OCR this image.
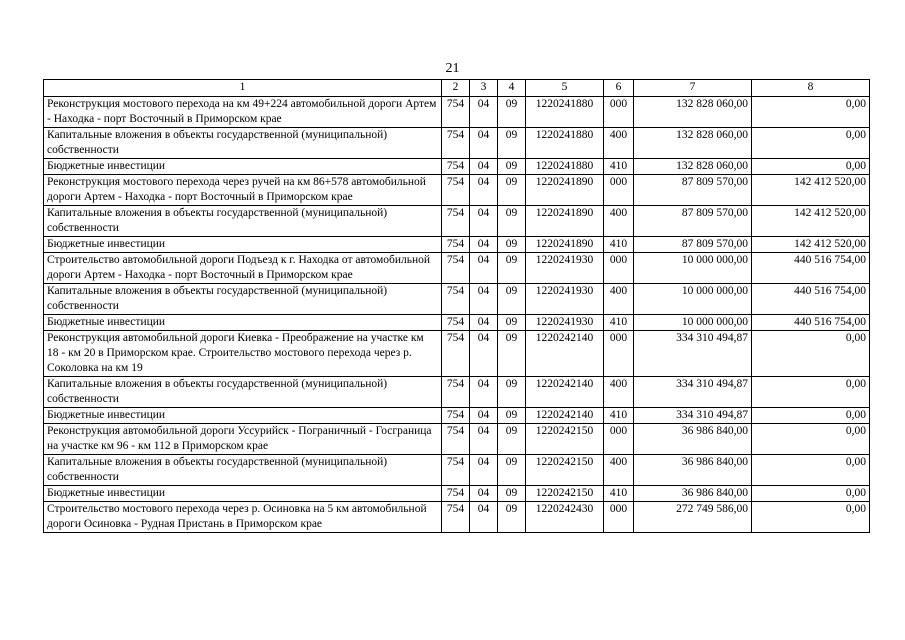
21
1	2	3	4	5	6	7	8
Реконструкция мостового перехода на км 49+224 автомобильной дороги Артем - Находка - порт Восточный в Приморском крае	754	04	09	1220241880	000	132 828 060,00	0,00
Капитальные вложения в объекты государственной (муниципальной) собственности	754	04	09	1220241880	400	132 828 060,00	0,00
Бюджетные инвестиции	754	04	09	1220241880	410	132 828 060,00	0,00
Реконструкция мостового перехода через ручей на км 86+578 автомобильной дороги Артем - Находка - порт Восточный в Приморском крае	754	04	09	1220241890	000	87 809 570,00	142 412 520,00
Капитальные вложения в объекты государственной (муниципальной) собственности	754	04	09	1220241890	400	87 809 570,00	142 412 520,00
Бюджетные инвестиции	754	04	09	1220241890	410	87 809 570,00	142 412 520,00
Строительство автомобильной дороги Подъезд к г. Находка от автомобильной дороги Артем - Находка - порт Восточный в Приморском крае	754	04	09	1220241930	000	10 000 000,00	440 516 754,00
Капитальные вложения в объекты государственной (муниципальной) собственности	754	04	09	1220241930	400	10 000 000,00	440 516 754,00
Бюджетные инвестиции	754	04	09	1220241930	410	10 000 000,00	440 516 754,00
Реконструкция автомобильной дороги Киевка - Преображение на участке км 18 - км 20 в Приморском крае. Строительство мостового перехода через р. Соколовка на км 19	754	04	09	1220242140	000	334 310 494,87	0,00
Капитальные вложения в объекты государственной (муниципальной) собственности	754	04	09	1220242140	400	334 310 494,87	0,00
Бюджетные инвестиции	754	04	09	1220242140	410	334 310 494,87	0,00
Реконструкция автомобильной дороги Уссурийск - Пограничный - Госграница на участке км 96 - км 112 в Приморском крае	754	04	09	1220242150	000	36 986 840,00	0,00
Капитальные вложения в объекты государственной (муниципальной) собственности	754	04	09	1220242150	400	36 986 840,00	0,00
Бюджетные инвестиции	754	04	09	1220242150	410	36 986 840,00	0,00
Строительство мостового перехода через р. Осиновка на 5 км автомобильной дороги Осиновка - Рудная Пристань в Приморском крае	754	04	09	1220242430	000	272 749 586,00	0,00
